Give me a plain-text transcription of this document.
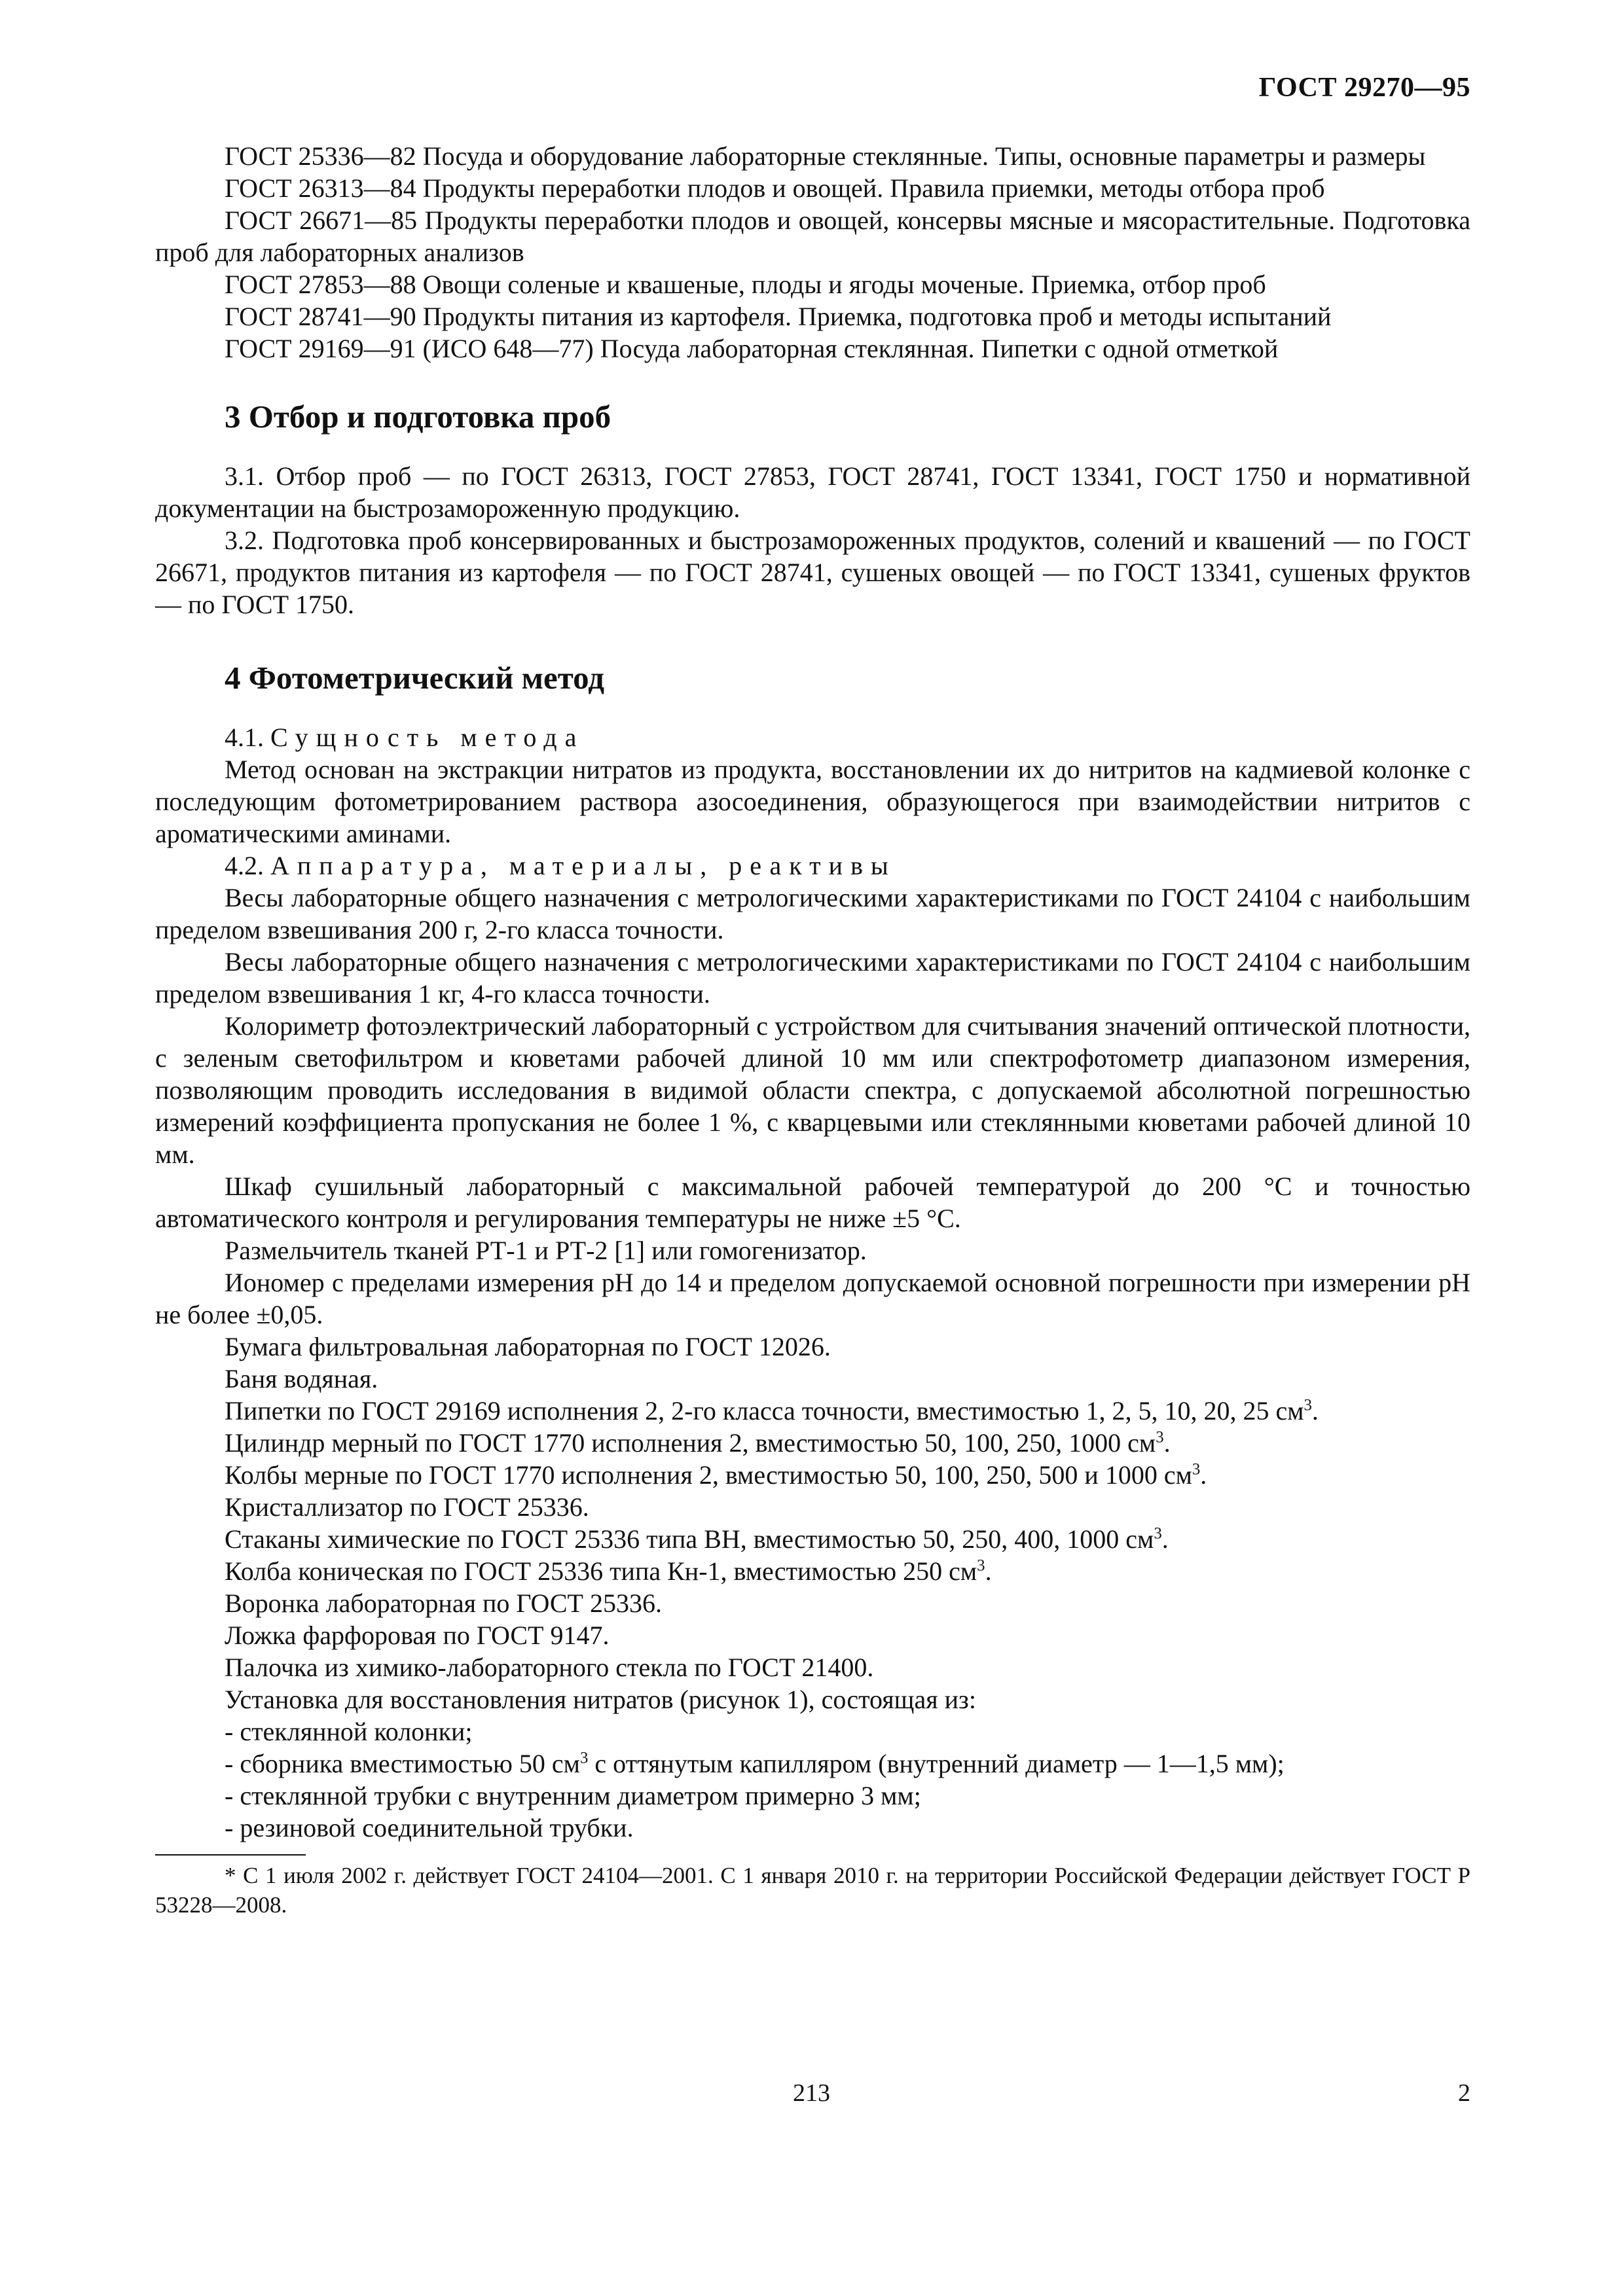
ГОСТ 29270—95

ГОСТ 25336—82 Посуда и оборудование лабораторные стеклянные. Типы, основные параметры и размеры

ГОСТ 26313—84 Продукты переработки плодов и овощей. Правила приемки, методы отбора проб

ГОСТ 26671—85 Продукты переработки плодов и овощей, консервы мясные и мясорастительные. Подготовка проб для лабораторных анализов

ГОСТ 27853—88 Овощи соленые и квашеные, плоды и ягоды моченые. Приемка, отбор проб

ГОСТ 28741—90 Продукты питания из картофеля. Приемка, подготовка проб и методы испытаний

ГОСТ 29169—91 (ИСО 648—77) Посуда лабораторная стеклянная. Пипетки с одной отметкой

3 Отбор и подготовка проб

3.1. Отбор проб — по ГОСТ 26313, ГОСТ 27853, ГОСТ 28741, ГОСТ 13341, ГОСТ 1750 и нормативной документации на быстрозамороженную продукцию.

3.2. Подготовка проб консервированных и быстрозамороженных продуктов, солений и квашений — по ГОСТ 26671, продуктов питания из картофеля — по ГОСТ 28741, сушеных овощей — по ГОСТ 13341, сушеных фруктов — по ГОСТ 1750.

4 Фотометрический метод

4.1. Сущность метода

Метод основан на экстракции нитратов из продукта, восстановлении их до нитритов на кадмиевой колонке с последующим фотометрированием раствора азосоединения, образующегося при взаимодействии нитритов с ароматическими аминами.

4.2. Аппаратура, материалы, реактивы

Весы лабораторные общего назначения с метрологическими характеристиками по ГОСТ 24104 с наибольшим пределом взвешивания 200 г, 2-го класса точности.

Весы лабораторные общего назначения с метрологическими характеристиками по ГОСТ 24104 с наибольшим пределом взвешивания 1 кг, 4-го класса точности.

Колориметр фотоэлектрический лабораторный с устройством для считывания значений оптической плотности, с зеленым светофильтром и кюветами рабочей длиной 10 мм или спектрофотометр диапазоном измерения, позволяющим проводить исследования в видимой области спектра, с допускаемой абсолютной погрешностью измерений коэффициента пропускания не более 1 %, с кварцевыми или стеклянными кюветами рабочей длиной 10 мм.

Шкаф сушильный лабораторный с максимальной рабочей температурой до 200 °С и точностью автоматического контроля и регулирования температуры не ниже ±5 °С.

Размельчитель тканей РТ-1 и РТ-2 [1] или гомогенизатор.

Иономер с пределами измерения pH до 14 и пределом допускаемой основной погрешности при измерении pH не более ±0,05.

Бумага фильтровальная лабораторная по ГОСТ 12026.

Баня водяная.

Пипетки по ГОСТ 29169 исполнения 2, 2-го класса точности, вместимостью 1, 2, 5, 10, 20, 25 $см^3$.

Цилиндр мерный по ГОСТ 1770 исполнения 2, вместимостью 50, 100, 250, 1000 $см^3$.

Колбы мерные по ГОСТ 1770 исполнения 2, вместимостью 50, 100, 250, 500 и 1000 $см^3$.

Кристаллизатор по ГОСТ 25336.

Стаканы химические по ГОСТ 25336 типа ВН, вместимостью 50, 250, 400, 1000 $см^3$.

Колба коническая по ГОСТ 25336 типа Кн-1, вместимостью 250 $см^3$.

Воронка лабораторная по ГОСТ 25336.

Ложка фарфоровая по ГОСТ 9147.

Палочка из химико-лабораторного стекла по ГОСТ 21400.

Установка для восстановления нитратов (рисунок 1), состоящая из:

- стеклянной колонки;

- сборника вместимостью 50 $см^3$ с оттянутым капилляром (внутренний диаметр — 1—1,5 мм);

- стеклянной трубки с внутренним диаметром примерно 3 мм;

- резиновой соединительной трубки.

* С 1 июля 2002 г. действует ГОСТ 24104—2001. С 1 января 2010 г. на территории Российской Федерации действует ГОСТ Р 53228—2008.

213	2
